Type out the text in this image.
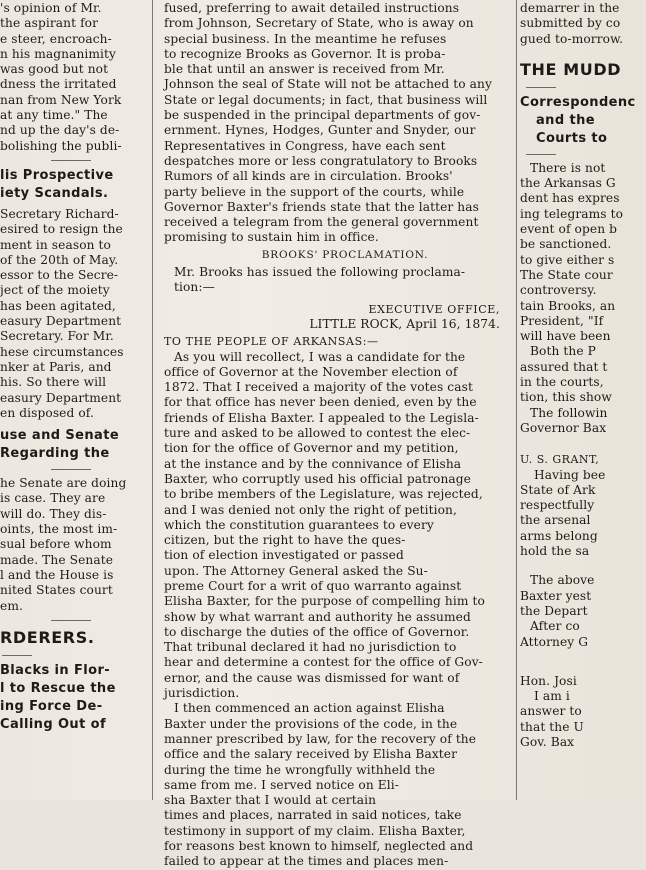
's opinion of Mr.
the aspirant for
e steer, encroach-
n his magnanimity
was good but not
dness the irritated
nan from New York
at any time." The
nd up the day's de-
bolishing the publi-
lis Prospective
iety Scandals.
Secretary Richard-
esired to resign the
ment in season to
of the 20th of May.
essor to the Secre-
ject of the moiety
has been agitated,
easury Department
Secretary. For Mr.
hese circumstances
nker at Paris, and
his. So there will
easury Department
en disposed of.
use and Senate
Regarding the
he Senate are doing
is case. They are
will do. They dis-
oints, the most im-
sual before whom
made. The Senate
l and the House is
nited States court
em.
RDERERS.
Blacks in Flor-
l to Rescue the
ing Force De-
Calling Out of
fused, preferring to await detailed instructions
from Johnson, Secretary of State, who is away on
special business. In the meantime he refuses
to recognize Brooks as Governor. It is proba-
ble that until an answer is received from Mr.
Johnson the seal of State will not be attached to any
State or legal documents; in fact, that business will
be suspended in the principal departments of gov-
ernment. Hynes, Hodges, Gunter and Snyder, our
Representatives in Congress, have each sent
despatches more or less congratulatory to Brooks
Rumors of all kinds are in circulation. Brooks'
party believe in the support of the courts, while
Governor Baxter's friends state that the latter has
received a telegram from the general government
promising to sustain him in office.
BROOKS' PROCLAMATION.
Mr. Brooks has issued the following proclama-
tion:—
EXECUTIVE OFFICE,
LITTLE ROCK, April 16, 1874.
TO THE PEOPLE OF ARKANSAS:—
As you will recollect, I was a candidate for the
office of Governor at the November election of
1872. That I received a majority of the votes cast
for that office has never been denied, even by the
friends of Elisha Baxter. I appealed to the Legisla-
ture and asked to be allowed to contest the elec-
tion for the office of Governor and my petition,
at the instance and by the connivance of Elisha
Baxter, who corruptly used his official patronage
to bribe members of the Legislature, was rejected,
and I was denied not only the right of petition,
which the constitution guarantees to every
citizen, but the right to have the ques-
tion of election investigated or passed
upon. The Attorney General asked the Su-
preme Court for a writ of quo warranto against
Elisha Baxter, for the purpose of compelling him to
show by what warrant and authority he assumed
to discharge the duties of the office of Governor.
That tribunal declared it had no jurisdiction to
hear and determine a contest for the office of Gov-
ernor, and the cause was dismissed for want of
jurisdiction.
I then commenced an action against Elisha
Baxter under the provisions of the code, in the
manner prescribed by law, for the recovery of the
office and the salary received by Elisha Baxter
during the time he wrongfully withheld the
same from me. I served notice on Eli-
sha Baxter that I would at certain
times and places, narrated in said notices, take
testimony in support of my claim. Elisha Baxter,
for reasons best known to himself, neglected and
failed to appear at the times and places men-
demarrer in the
submitted by co
gued to-morrow.
THE MUDD
Correspondenc
and the
Courts to
There is not
the Arkansas G
dent has expres
ing telegrams to
event of open b
be sanctioned.
to give either s
The State cour
controversy.
tain Brooks, an
President, "If
will have been
Both the P
assured that t
in the courts,
tion, this show
The followin
Governor Bax
U. S. GRANT,
Having bee
State of Ark
respectfully
the arsenal
arms belong
hold the sa
The above
Baxter yest
the Depart
After co
Attorney G
Hon. Josi
I am i
answer to
that the U
Gov. Bax
